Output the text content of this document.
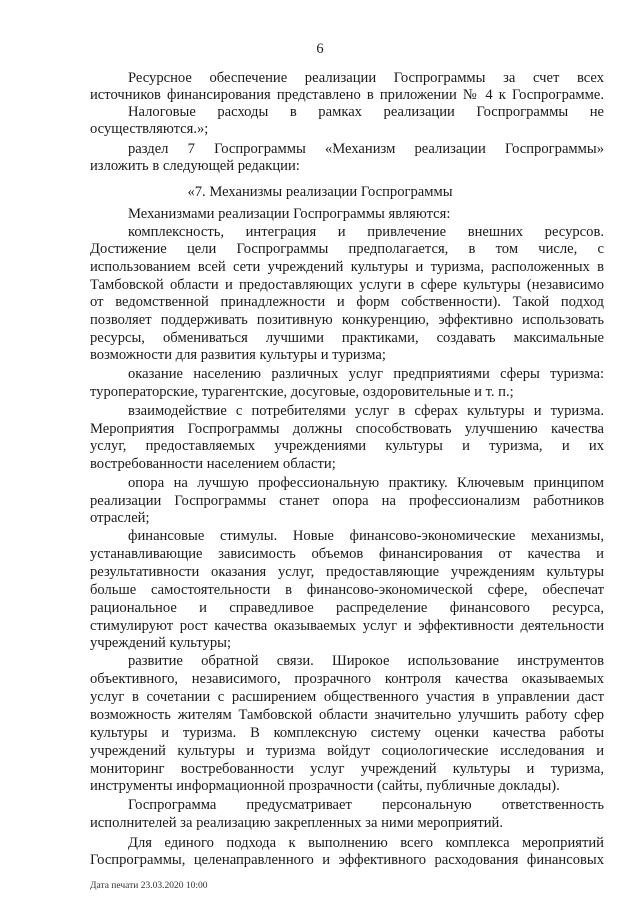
6
Ресурсное обеспечение реализации Госпрограммы за счет всех
источников финансирования представлено в приложении № 4 к Госпрограмме.
Налоговые расходы в рамках реализации Госпрограммы не
осуществляются.»;
раздел 7 Госпрограммы «Механизм реализации Госпрограммы»
изложить в следующей редакции:
«7. Механизмы реализации Госпрограммы
Механизмами реализации Госпрограммы являются:
комплексность, интеграция и привлечение внешних ресурсов.
Достижение цели Госпрограммы предполагается, в том числе, с
использованием всей сети учреждений культуры и туризма, расположенных в
Тамбовской области и предоставляющих услуги в сфере культуры (независимо
от ведомственной принадлежности и форм собственности). Такой подход
позволяет поддерживать позитивную конкуренцию, эффективно использовать
ресурсы, обмениваться лучшими практиками, создавать максимальные
возможности для развития культуры и туризма;
оказание населению различных услуг предприятиями сферы туризма:
туроператорские, турагентские, досуговые, оздоровительные и т. п.;
взаимодействие с потребителями услуг в сферах культуры и туризма.
Мероприятия Госпрограммы должны способствовать улучшению качества
услуг, предоставляемых учреждениями культуры и туризма, и их
востребованности населением области;
опора на лучшую профессиональную практику. Ключевым принципом
реализации Госпрограммы станет опора на профессионализм работников
отраслей;
финансовые стимулы. Новые финансово-экономические механизмы,
устанавливающие зависимость объемов финансирования от качества и
результативности оказания услуг, предоставляющие учреждениям культуры
больше самостоятельности в финансово-экономической сфере, обеспечат
рациональное и справедливое распределение финансового ресурса,
стимулируют рост качества оказываемых услуг и эффективности деятельности
учреждений культуры;
развитие обратной связи. Широкое использование инструментов
объективного, независимого, прозрачного контроля качества оказываемых
услуг в сочетании с расширением общественного участия в управлении даст
возможность жителям Тамбовской области значительно улучшить работу сфер
культуры и туризма. В комплексную систему оценки качества работы
учреждений культуры и туризма войдут социологические исследования и
мониторинг востребованности услуг учреждений культуры и туризма,
инструменты информационной прозрачности (сайты, публичные доклады).
Госпрограмма предусматривает персональную ответственность
исполнителей за реализацию закрепленных за ними мероприятий.
Для единого подхода к выполнению всего комплекса мероприятий
Госпрограммы, целенаправленного и эффективного расходования финансовых
Дата печати 23.03.2020 10:00
